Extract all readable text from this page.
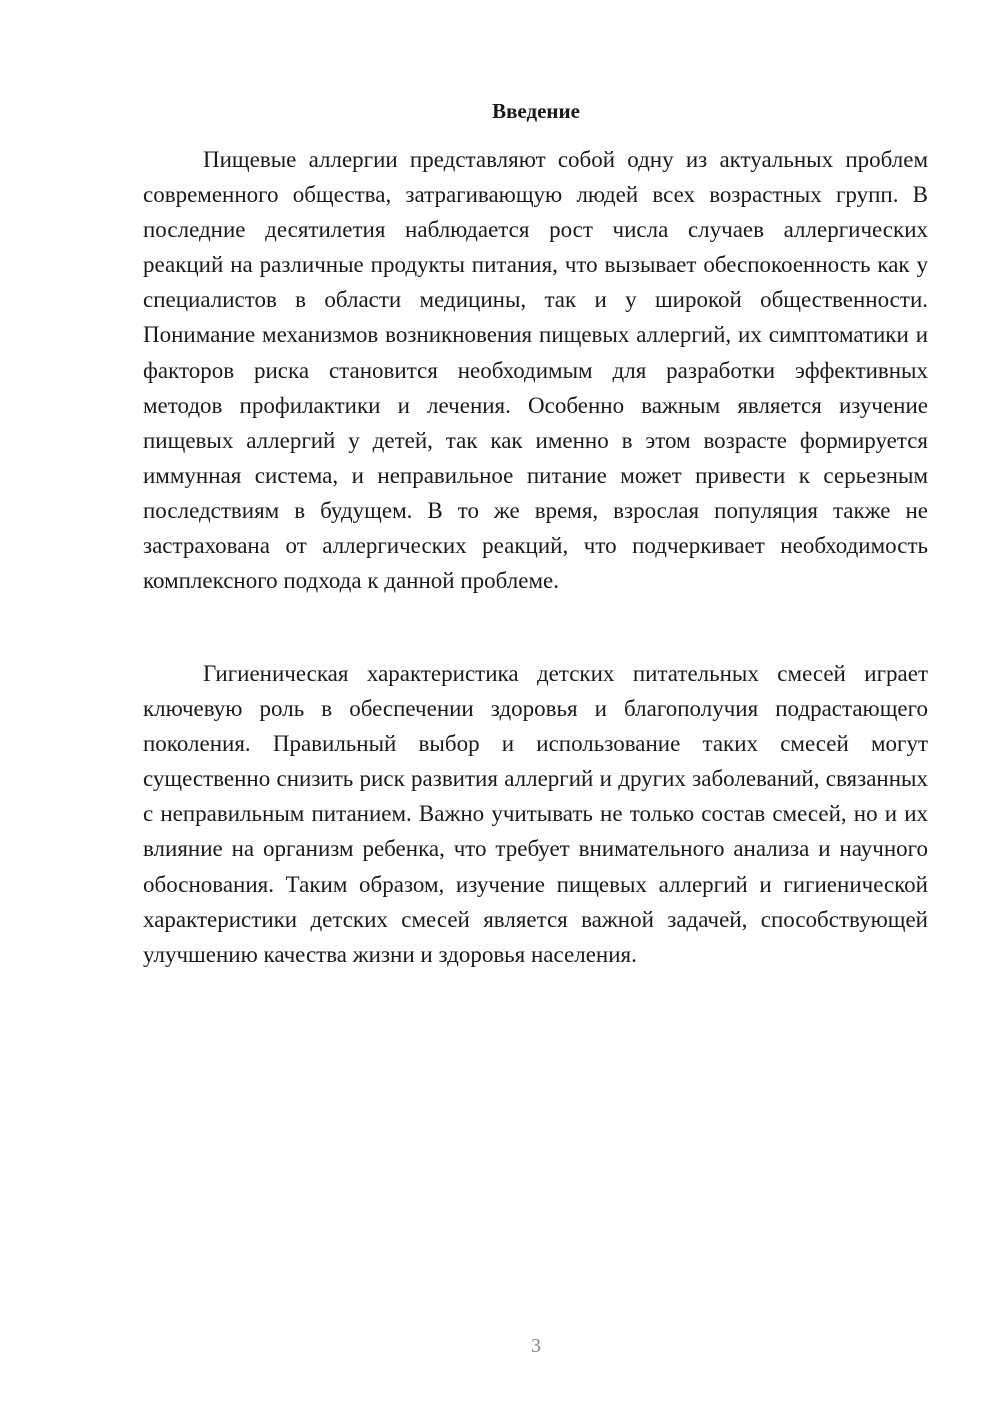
Введение

Пищевые аллергии представляют собой одну из актуальных проблем современного общества, затрагивающую людей всех возрастных групп. В последние десятилетия наблюдается рост числа случаев аллергических реакций на различные продукты питания, что вызывает обеспокоенность как у специалистов в области медицины, так и у широкой общественности. Понимание механизмов возникновения пищевых аллергий, их симптоматики и факторов риска становится необходимым для разработки эффективных методов профилактики и лечения. Особенно важным является изучение пищевых аллергий у детей, так как именно в этом возрасте формируется иммунная система, и неправильное питание может привести к серьезным последствиям в будущем. В то же время, взрослая популяция также не застрахована от аллергических реакций, что подчеркивает необходимость комплексного подхода к данной проблеме.

Гигиеническая характеристика детских питательных смесей играет ключевую роль в обеспечении здоровья и благополучия подрастающего поколения. Правильный выбор и использование таких смесей могут существенно снизить риск развития аллергий и других заболеваний, связанных с неправильным питанием. Важно учитывать не только состав смесей, но и их влияние на организм ребенка, что требует внимательного анализа и научного обоснования. Таким образом, изучение пищевых аллергий и гигиенической характеристики детских смесей является важной задачей, способствующей улучшению качества жизни и здоровья населения.

3
